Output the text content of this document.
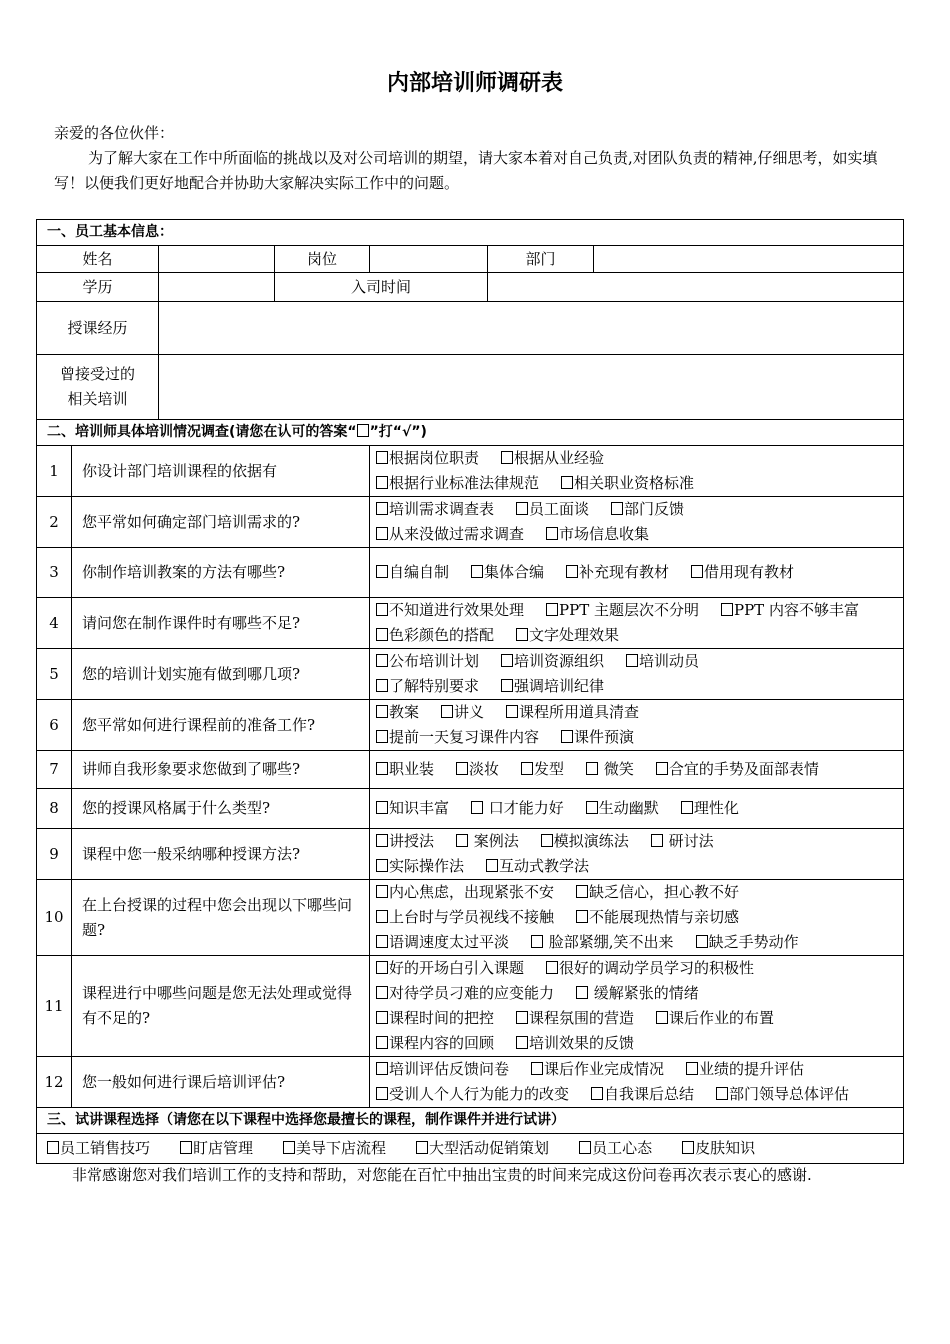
内部培训师调研表
亲爱的各位伙伴：
为了解大家在工作中所面临的挑战以及对公司培训的期望，请大家本着对自己负责,对团队负责的精神,仔细思考，如实填写！以便我们更好地配合并协助大家解决实际工作中的问题。
一、员工基本信息：						
姓名			岗位		部门	
学历			入司时间			
授课经历						
曾接受过的
相关培训						
二、培训师具体培训情况调查(请您在认可的答案“ ”打“√”)						
1	你设计部门培训课程的依据有			根据岗位职责 根据从业经验
根据行业标准法律规范 相关职业资格标准		

2	您平常如何确定部门培训需求的?			培训需求调查表 员工面谈 部门反馈
从来没做过需求调查 市场信息收集		

3	你制作培训教案的方法有哪些?			自编自制 集体合编 补充现有教材 借用现有教材		

4	请问您在制作课件时有哪些不足?			不知道进行效果处理 PPT 主题层次不分明 PPT 内容不够丰富
色彩颜色的搭配 文字处理效果		

5	您的培训计划实施有做到哪几项?			公布培训计划 培训资源组织 培训动员
了解特别要求 强调培训纪律		

6	您平常如何进行课程前的准备工作?			教案 讲义 课程所用道具清查
提前一天复习课件内容 课件预演		

7	讲师自我形象要求您做到了哪些?			职业装 淡妆 发型 微笑 合宜的手势及面部表情		

8	您的授课风格属于什么类型?			知识丰富 口才能力好 生动幽默 理性化		

9	课程中您一般采纳哪种授课方法?			讲授法 案例法 模拟演练法 研讨法
实际操作法 互动式教学法		

10	在上台授课的过程中您会出现以下哪些问题?			内心焦虑，出现紧张不安 缺乏信心，担心教不好
上台时与学员视线不接触 不能展现热情与亲切感
语调速度太过平淡 脸部紧绷,笑不出来 缺乏手势动作		

11	课程进行中哪些问题是您无法处理或觉得有不足的?			好的开场白引入课题 很好的调动学员学习的积极性
对待学员刁难的应变能力 缓解紧张的情绪
课程时间的把控 课程氛围的营造 课后作业的布置
课程内容的回顾 培训效果的反馈		

12	您一般如何进行课后培训评估?			培训评估反馈问卷 课后作业完成情况 业绩的提升评估
受训人个人行为能力的改变 自我课后总结 部门领导总体评估		

三、试讲课程选择（请您在以下课程中选择您最擅长的课程，制作课件并进行试讲）						
员工销售技巧 盯店管理 美导下店流程 大型活动促销策划 员工心态 皮肤知识						
非常感谢您对我们培训工作的支持和帮助，对您能在百忙中抽出宝贵的时间来完成这份问卷再次表示衷心的感谢.
